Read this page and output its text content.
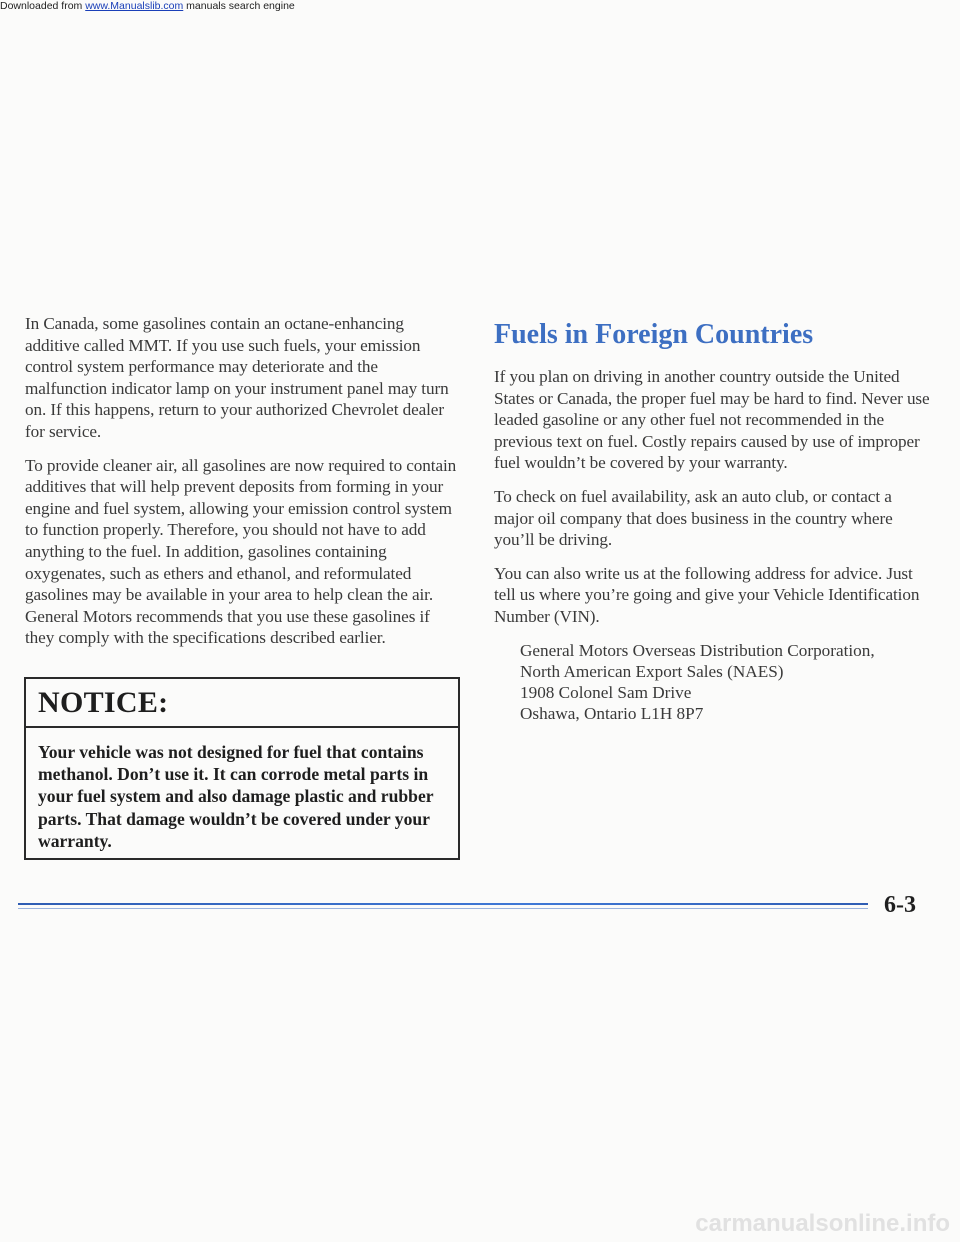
In Canada, some gasolines contain an octane-enhancing additive called MMT. If you use such fuels, your emission control system performance may deteriorate and the malfunction indicator lamp on your instrument panel may turn on. If this happens, return to your authorized Chevrolet dealer for service.

To provide cleaner air, all gasolines are now required to contain additives that will help prevent deposits from forming in your engine and fuel system, allowing your emission control system to function properly. Therefore, you should not have to add anything to the fuel. In addition, gasolines containing oxygenates, such as ethers and ethanol, and reformulated gasolines may be available in your area to help clean the air. General Motors recommends that you use these gasolines if they comply with the specifications described earlier.

NOTICE:
Your vehicle was not designed for fuel that contains methanol. Don’t use it. It can corrode metal parts in your fuel system and also damage plastic and rubber parts. That damage wouldn’t be covered under your warranty.
Fuels in Foreign Countries

If you plan on driving in another country outside the United States or Canada, the proper fuel may be hard to find. Never use leaded gasoline or any other fuel not recommended in the previous text on fuel. Costly repairs caused by use of improper fuel wouldn’t be covered by your warranty.

To check on fuel availability, ask an auto club, or contact a major oil company that does business in the country where you’ll be driving.

You can also write us at the following address for advice. Just tell us where you’re going and give your Vehicle Identification Number (VIN).

General Motors Overseas Distribution Corporation,
North American Export Sales (NAES)
1908 Colonel Sam Drive
Oshawa, Ontario L1H 8P7
6-3
Downloaded from www.Manualslib.com manuals search engine
carmanualsonline.info
